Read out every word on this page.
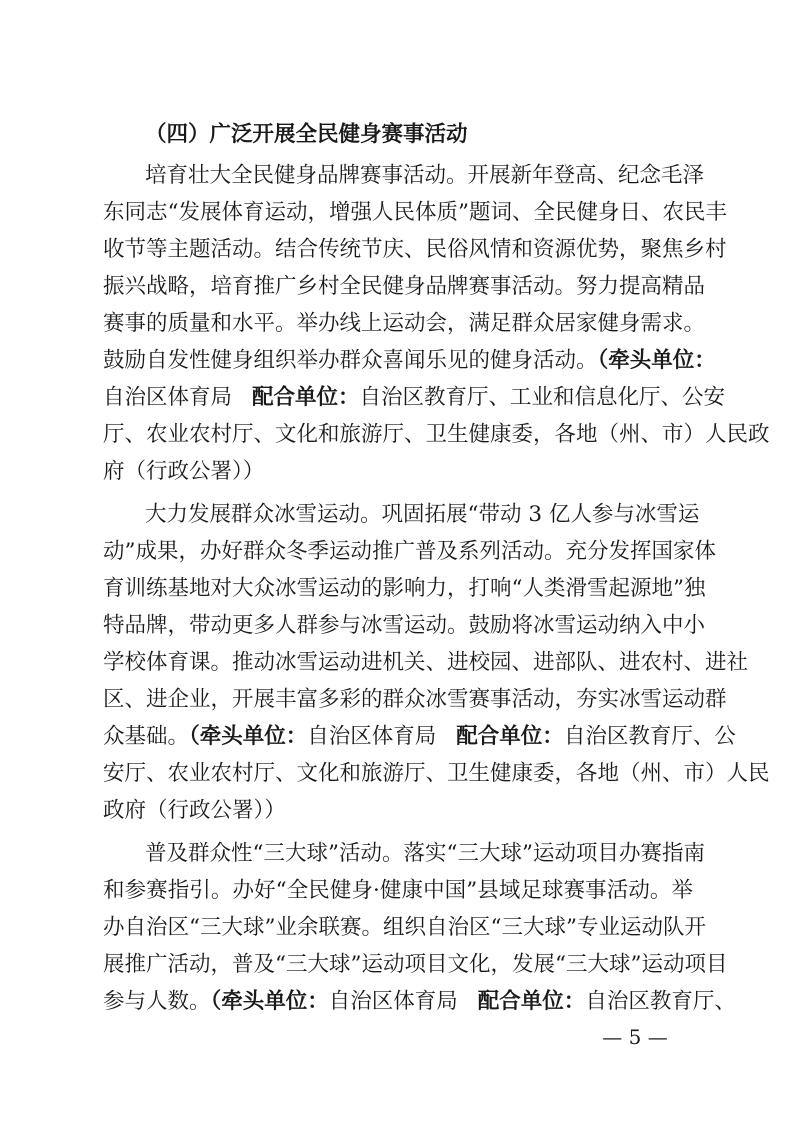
（四）广泛开展全民健身赛事活动
培育壮大全民健身品牌赛事活动。开展新年登高、纪念毛泽
东同志“发展体育运动，增强人民体质”题词、全民健身日、农民丰
收节等主题活动。结合传统节庆、民俗风情和资源优势，聚焦乡村
振兴战略，培育推广乡村全民健身品牌赛事活动。努力提高精品
赛事的质量和水平。举办线上运动会，满足群众居家健身需求。
鼓励自发性健身组织举办群众喜闻乐见的健身活动。（牵头单位：
自治区体育局 配合单位：自治区教育厅、工业和信息化厅、公安
厅、农业农村厅、文化和旅游厅、卫生健康委，各地（州、市）人民政
府（行政公署））
大力发展群众冰雪运动。巩固拓展“带动 3 亿人参与冰雪运
动”成果，办好群众冬季运动推广普及系列活动。充分发挥国家体
育训练基地对大众冰雪运动的影响力，打响“人类滑雪起源地”独
特品牌，带动更多人群参与冰雪运动。鼓励将冰雪运动纳入中小
学校体育课。推动冰雪运动进机关、进校园、进部队、进农村、进社
区、进企业，开展丰富多彩的群众冰雪赛事活动，夯实冰雪运动群
众基础。（牵头单位：自治区体育局 配合单位：自治区教育厅、公
安厅、农业农村厅、文化和旅游厅、卫生健康委，各地（州、市）人民
政府（行政公署））
普及群众性“三大球”活动。落实“三大球”运动项目办赛指南
和参赛指引。办好“全民健身·健康中国”县域足球赛事活动。举
办自治区“三大球”业余联赛。组织自治区“三大球”专业运动队开
展推广活动，普及“三大球”运动项目文化，发展“三大球”运动项目
参与人数。（牵头单位：自治区体育局 配合单位：自治区教育厅、
— 5 —
